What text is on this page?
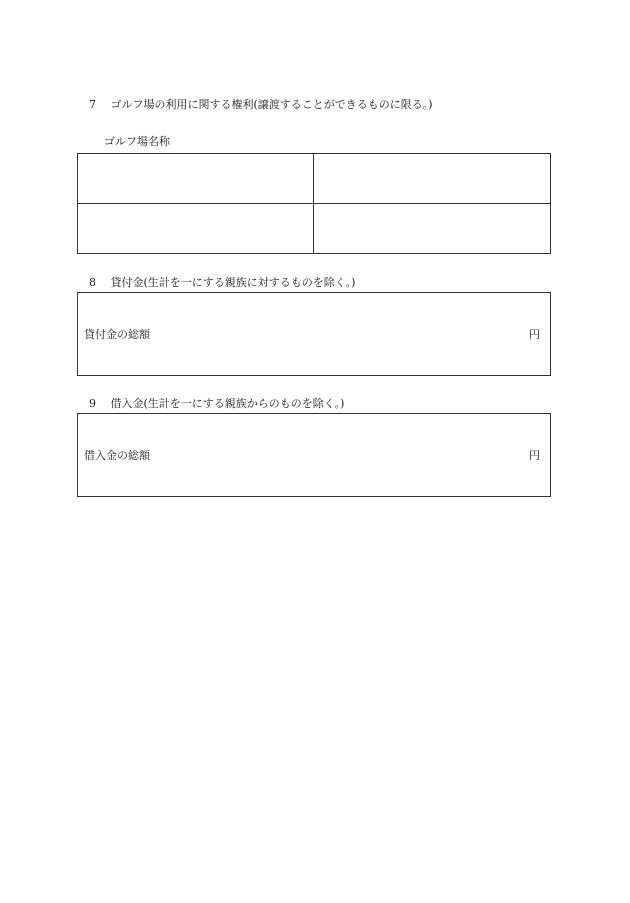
7 ゴルフ場の利用に関する権利(譲渡することができるものに限る。)
ゴルフ場名称
8 貸付金(生計を一にする親族に対するものを除く。)
貸付金の総額	円
9 借入金(生計を一にする親族からのものを除く。)
借入金の総額	円
